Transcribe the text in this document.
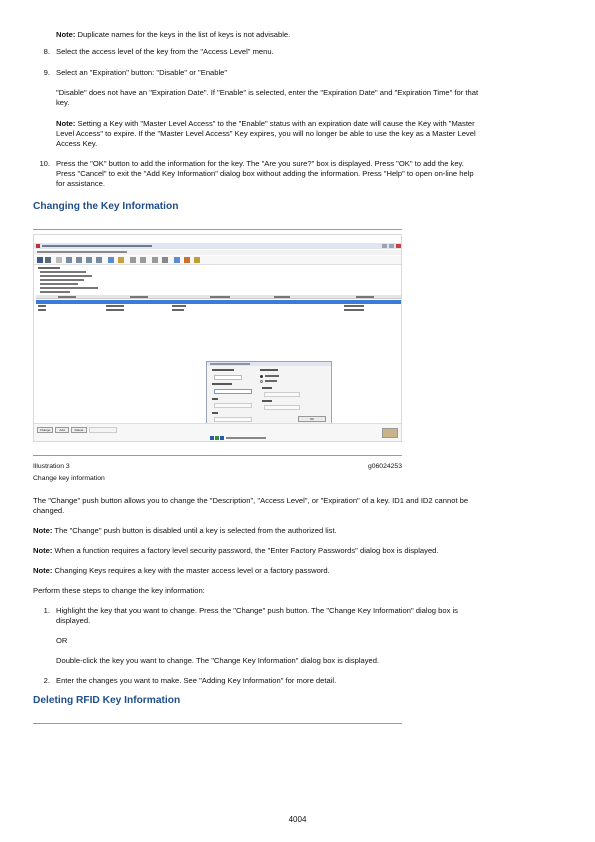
Note: Duplicate names for the keys in the list of keys is not advisable.
8. Select the access level of the key from the "Access Level" menu.
9. Select an "Expiration" button: "Disable" or "Enable"
"Disable" does not have an "Expiration Date". If "Enable" is selected, enter the "Expiration Date" and "Expiration Time" for that
key.
Note: Setting a Key with "Master Level Access" to the "Enable" status with an expiration date will cause the Key with "Master
Level Access" to expire. If the "Master Level Access" Key expires, you will no longer be able to use the key as a Master Level
Access Key.
10. Press the "OK" button to add the information for the key. The "Are you sure?" box is displayed. Press "OK" to add the key.
Press "Cancel" to exit the "Add Key Information" dialog box without adding the information. Press "Help" to open on-line help
for assistance.
Changing the Key Information
OK
Change	Add	Delete
Illustration 3	g06024253
Change key information
The "Change" push button allows you to change the "Description", "Access Level", or "Expiration" of a key. ID1 and ID2 cannot be
changed.
Note: The "Change" push button is disabled until a key is selected from the authorized list.
Note: When a function requires a factory level security password, the "Enter Factory Passwords" dialog box is displayed.
Note: Changing Keys requires a key with the master access level or a factory password.
Perform these steps to change the key information:
1. Highlight the key that you want to change. Press the "Change" push button. The "Change Key Information" dialog box is
displayed.
OR
Double-click the key you want to change. The "Change Key Information" dialog box is displayed.
2. Enter the changes you want to make. See "Adding Key Information" for more detail.
Deleting RFID Key Information
4004
